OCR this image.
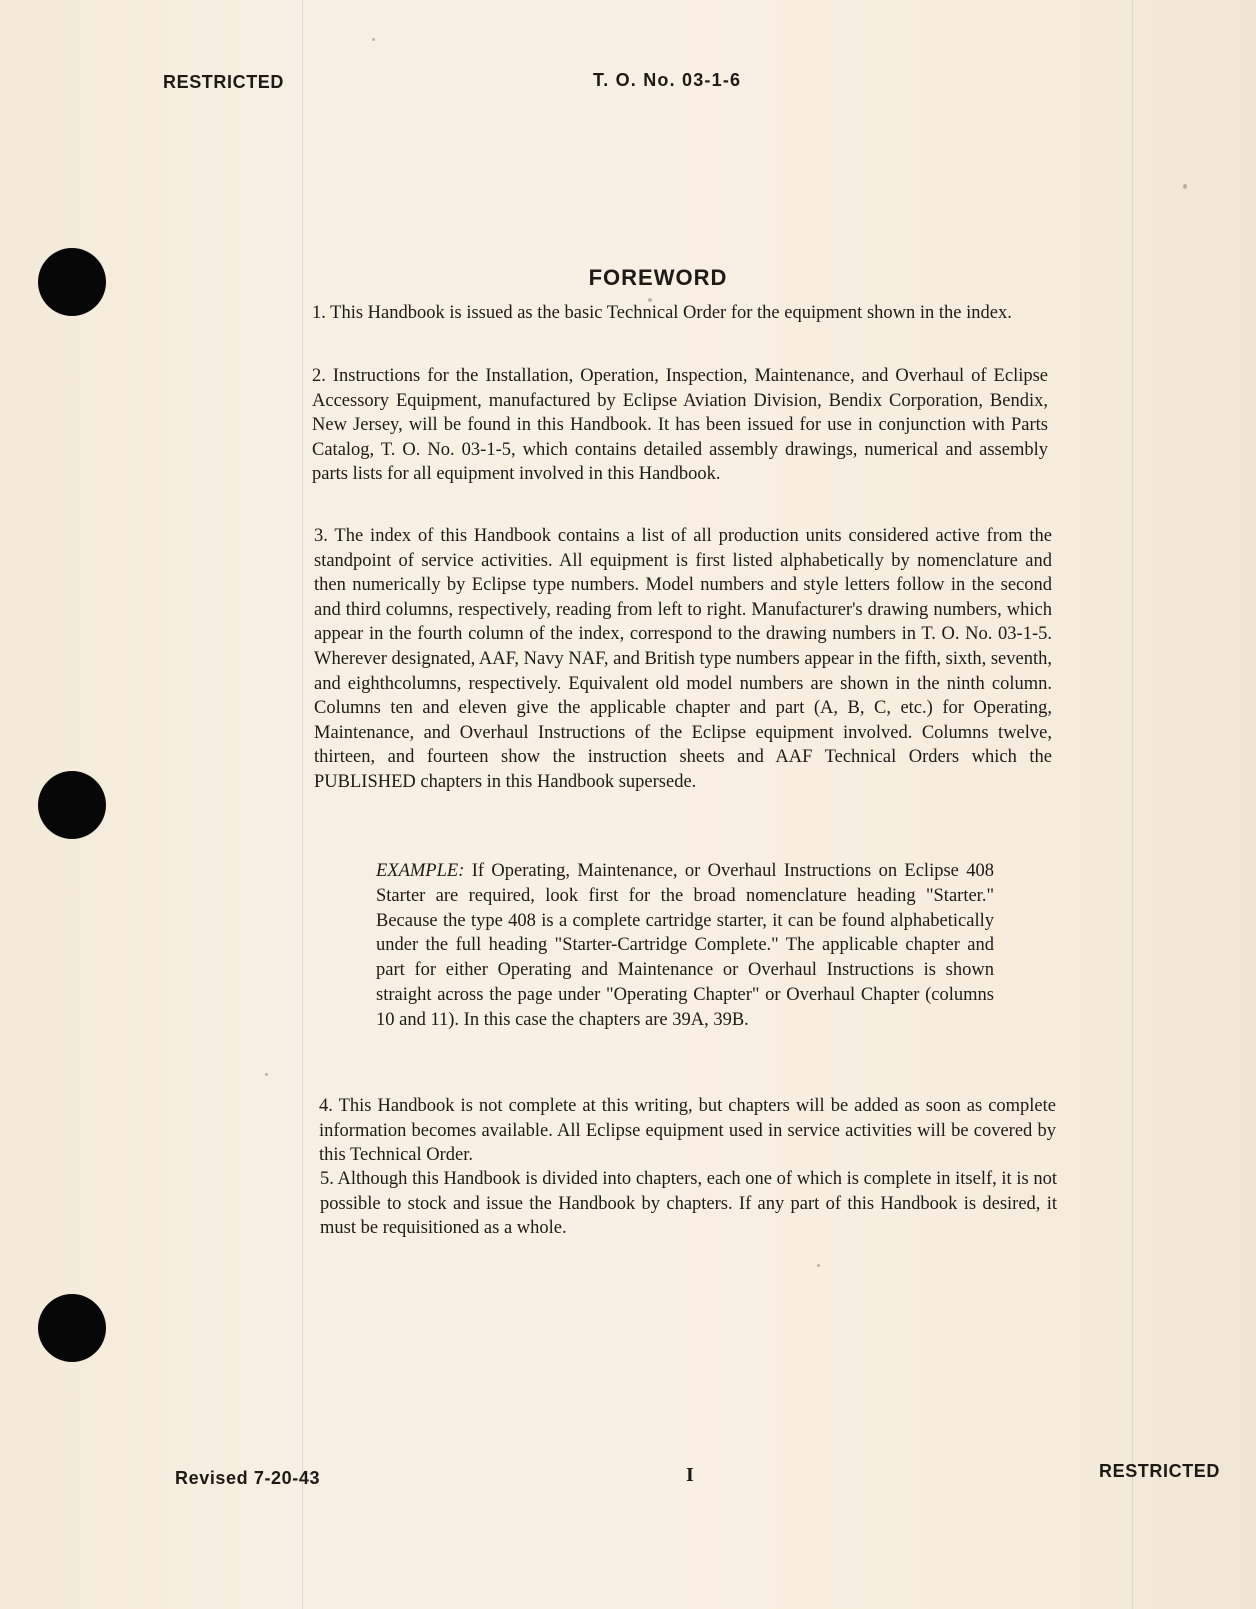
RESTRICTED	T. O. No. 03-1-6
FOREWORD

1. This Handbook is issued as the basic Technical Order for the equipment shown in the index.

2. Instructions for the Installation, Operation, Inspection, Maintenance, and Overhaul of Eclipse Accessory Equipment, manufactured by Eclipse Aviation Division, Bendix Corporation, Bendix, New Jersey, will be found in this Handbook. It has been issued for use in conjunction with Parts Catalog, T. O. No. 03-1-5, which contains detailed assembly drawings, numerical and assembly parts lists for all equipment involved in this Handbook.

3. The index of this Handbook contains a list of all production units considered active from the standpoint of service activities. All equipment is first listed alphabetically by nomenclature and then numerically by Eclipse type numbers. Model numbers and style letters follow in the second and third columns, respectively, reading from left to right. Manufacturer's drawing numbers, which appear in the fourth column of the index, correspond to the drawing numbers in T. O. No. 03-1-5. Wherever designated, AAF, Navy NAF, and British type numbers appear in the fifth, sixth, seventh, and eighthcolumns, respectively. Equivalent old model numbers are shown in the ninth column. Columns ten and eleven give the applicable chapter and part (A, B, C, etc.) for Operating, Maintenance, and Overhaul Instructions of the Eclipse equipment involved. Columns twelve, thirteen, and fourteen show the instruction sheets and AAF Technical Orders which the PUBLISHED chapters in this Handbook supersede.

EXAMPLE: If Operating, Maintenance, or Overhaul Instructions on Eclipse 408 Starter are required, look first for the broad nomenclature heading "Starter." Because the type 408 is a complete cartridge starter, it can be found alphabetically under the full heading "Starter-Cartridge Complete." The applicable chapter and part for either Operating and Maintenance or Overhaul Instructions is shown straight across the page under "Operating Chapter" or Overhaul Chapter (columns 10 and 11). In this case the chapters are 39A, 39B.

4. This Handbook is not complete at this writing, but chapters will be added as soon as complete information becomes available. All Eclipse equipment used in service activities will be covered by this Technical Order.

5. Although this Handbook is divided into chapters, each one of which is complete in itself, it is not possible to stock and issue the Handbook by chapters. If any part of this Handbook is desired, it must be requisitioned as a whole.

Revised 7-20-43	I	RESTRICTED
